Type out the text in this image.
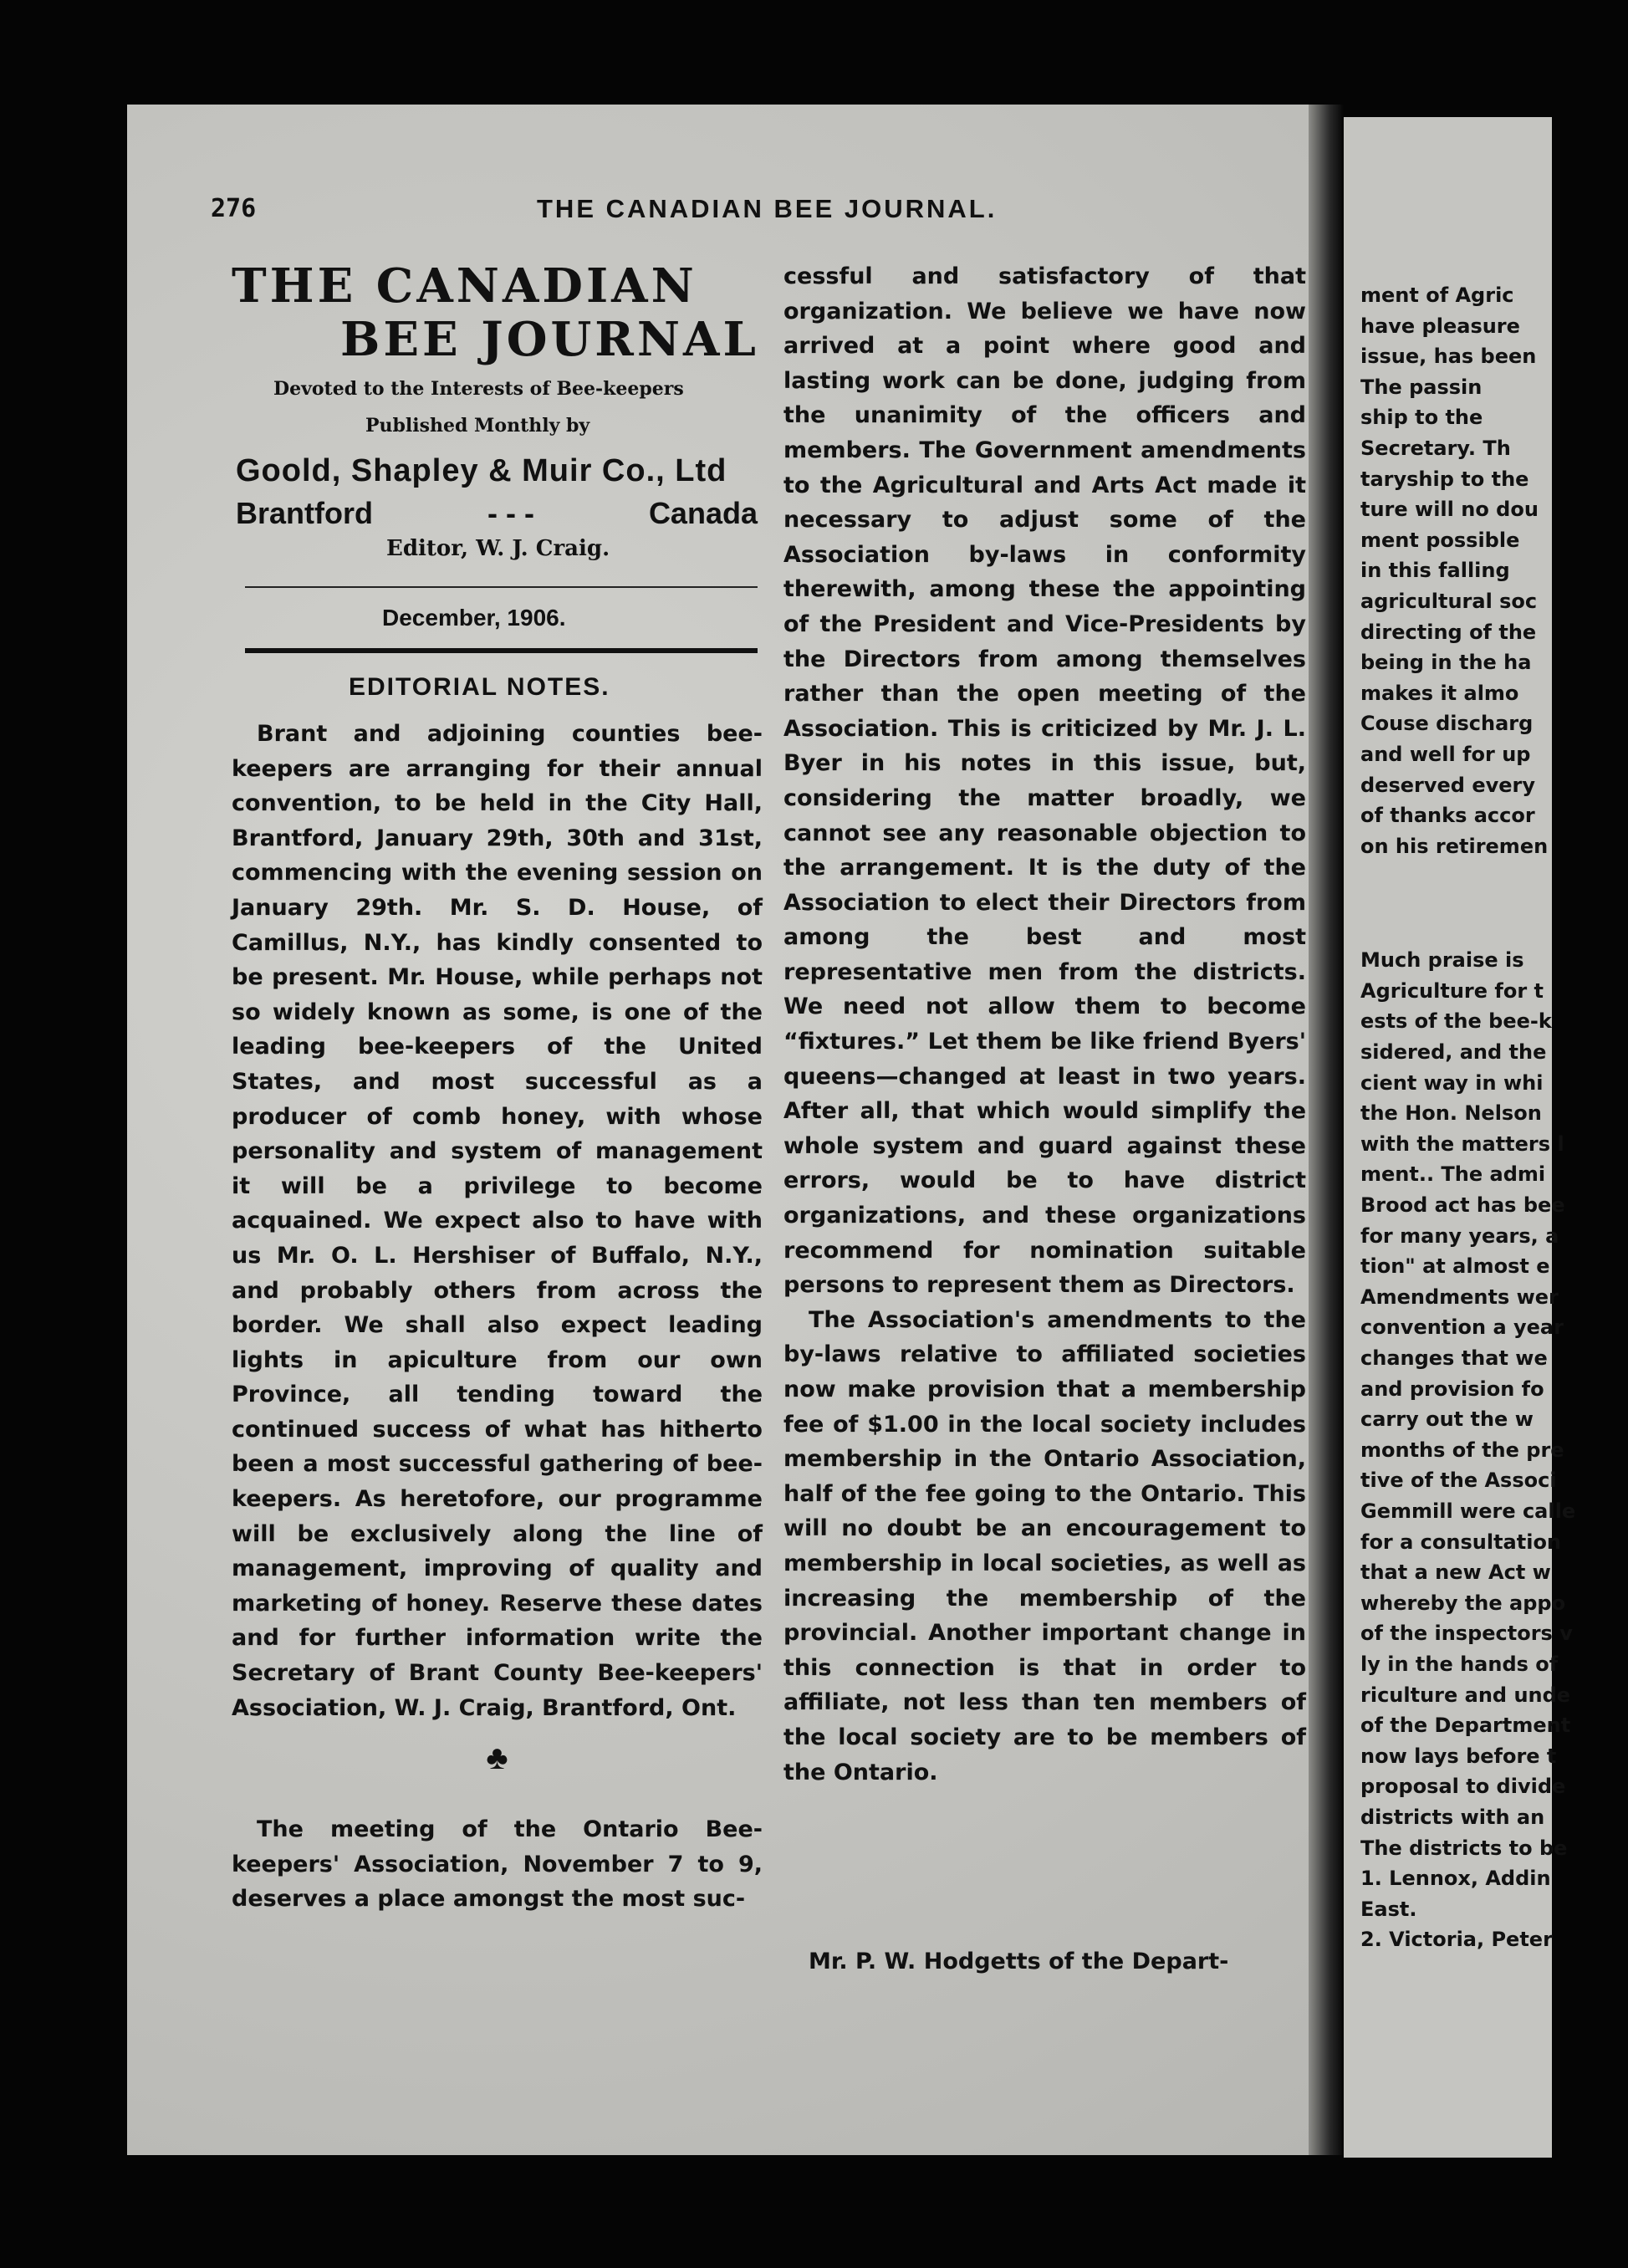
276	THE CANADIAN BEE JOURNAL.
THE CANADIAN
BEE JOURNAL
Devoted to the Interests of Bee-keepers
Published Monthly by
Goold, Shapley & Muir Co., Ltd
Brantford	- - -	Canada
Editor, W. J. Craig.
December, 1906.
EDITORIAL NOTES.

Brant and adjoining counties bee-keepers are arranging for their annual convention, to be held in the City Hall, Brantford, January 29th, 30th and 31st, commencing with the evening session on January 29th. Mr. S. D. House, of Camillus, N.Y., has kindly consented to be present. Mr. House, while perhaps not so widely known as some, is one of the leading bee-keepers of the United States, and most successful as a producer of comb honey, with whose personality and system of management it will be a privilege to become acquained. We expect also to have with us Mr. O. L. Hershiser of Buffalo, N.Y., and probably others from across the border. We shall also expect leading lights in apiculture from our own Province, all tending toward the continued success of what has hitherto been a most successful gathering of bee-keepers. As heretofore, our programme will be exclusively along the line of management, improving of quality and marketing of honey. Reserve these dates and for further information write the Secretary of Brant County Bee-keepers' Association, W. J. Craig, Brantford, Ont.

♣

The meeting of the Ontario Bee-keepers' Association, November 7 to 9, deserves a place amongst the most suc-

cessful and satisfactory of that organization. We believe we have now arrived at a point where good and lasting work can be done, judging from the unanimity of the officers and members. The Government amendments to the Agricultural and Arts Act made it necessary to adjust some of the Association by-laws in conformity therewith, among these the appointing of the President and Vice-Presidents by the Directors from among themselves rather than the open meeting of the Association. This is criticized by Mr. J. L. Byer in his notes in this issue, but, considering the matter broadly, we cannot see any reasonable objection to the arrangement. It is the duty of the Association to elect their Directors from among the best and most representative men from the districts. We need not allow them to become “fixtures.” Let them be like friend Byers' queens—changed at least in two years. After all, that which would simplify the whole system and guard against these errors, would be to have district organizations, and these organizations recommend for nomination suitable persons to represent them as Directors.

The Association's amendments to the by-laws relative to affiliated societies now make provision that a membership fee of $1.00 in the local society includes membership in the Ontario Association, half of the fee going to the Ontario. This will no doubt be an encouragement to membership in local societies, as well as increasing the membership of the provincial. Another important change in this connection is that in order to affiliate, not less than ten members of the local society are to be members of the Ontario.

Mr. P. W. Hodgetts of the Depart-

ment of Agric
have pleasure
issue, has been
The passin
ship to the
Secretary. Th
taryship to the
ture will no dou
ment possible
in this falling
agricultural soc
directing of the
being in the ha
makes it almo
Couse discharg
and well for up
deserved every
of thanks accor
on his retiremen
Much praise is
Agriculture for t
ests of the bee-k
sidered, and the
cient way in whi
the Hon. Nelson
with the matters l
ment.. The admi
Brood act has bee
for many years, a
tion" at almost e
Amendments wer
convention a year
changes that we
and provision fo
carry out the w
months of the pre
tive of the Associ
Gemmill were calle
for a consultation
that a new Act w
whereby the appo
of the inspectors v
ly in the hands of
riculture and unde
of the Department
now lays before t
proposal to divide
districts with an
The districts to be
1. Lennox, Addin
East.
2. Victoria, Peter
